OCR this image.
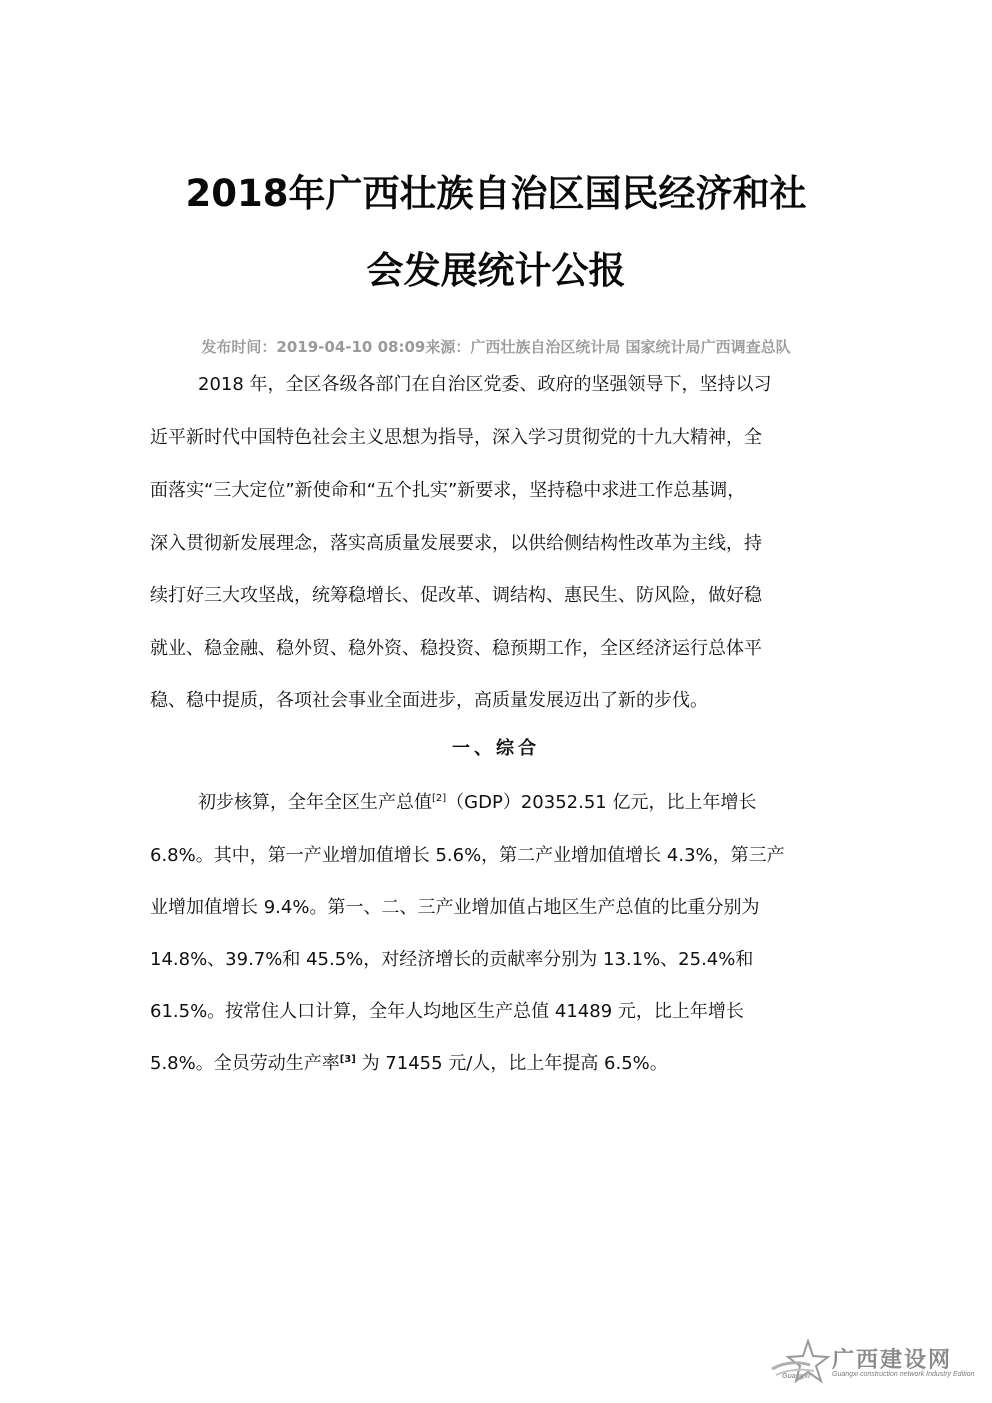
2018年广西壮族自治区国民经济和社
会发展统计公报
发布时间：2019-04-10 08:09来源：广西壮族自治区统计局 国家统计局广西调查总队
2018 年，全区各级各部门在自治区党委、政府的坚强领导下，坚持以习
近平新时代中国特色社会主义思想为指导，深入学习贯彻党的十九大精神，全
面落实“三大定位”新使命和“五个扎实”新要求，坚持稳中求进工作总基调，
深入贯彻新发展理念，落实高质量发展要求，以供给侧结构性改革为主线，持
续打好三大攻坚战，统筹稳增长、促改革、调结构、惠民生、防风险，做好稳
就业、稳金融、稳外贸、稳外资、稳投资、稳预期工作，全区经济运行总体平
稳、稳中提质，各项社会事业全面进步，高质量发展迈出了新的步伐。
一、综合
初步核算，全年全区生产总值[2]（GDP）20352.51 亿元，比上年增长
6.8%。其中，第一产业增加值增长 5.6%，第二产业增加值增长 4.3%，第三产
业增加值增长 9.4%。第一、二、三产业增加值占地区生产总值的比重分别为
14.8%、39.7%和 45.5%，对经济增长的贡献率分别为 13.1%、25.4%和
61.5%。按常住人口计算，全年人均地区生产总值 41489 元，比上年增长
5.8%。全员劳动生产率[3] 为 71455 元/人，比上年提高 6.5%。
Guangxi
广西建设网
Guangxi construction network Industry Edition
